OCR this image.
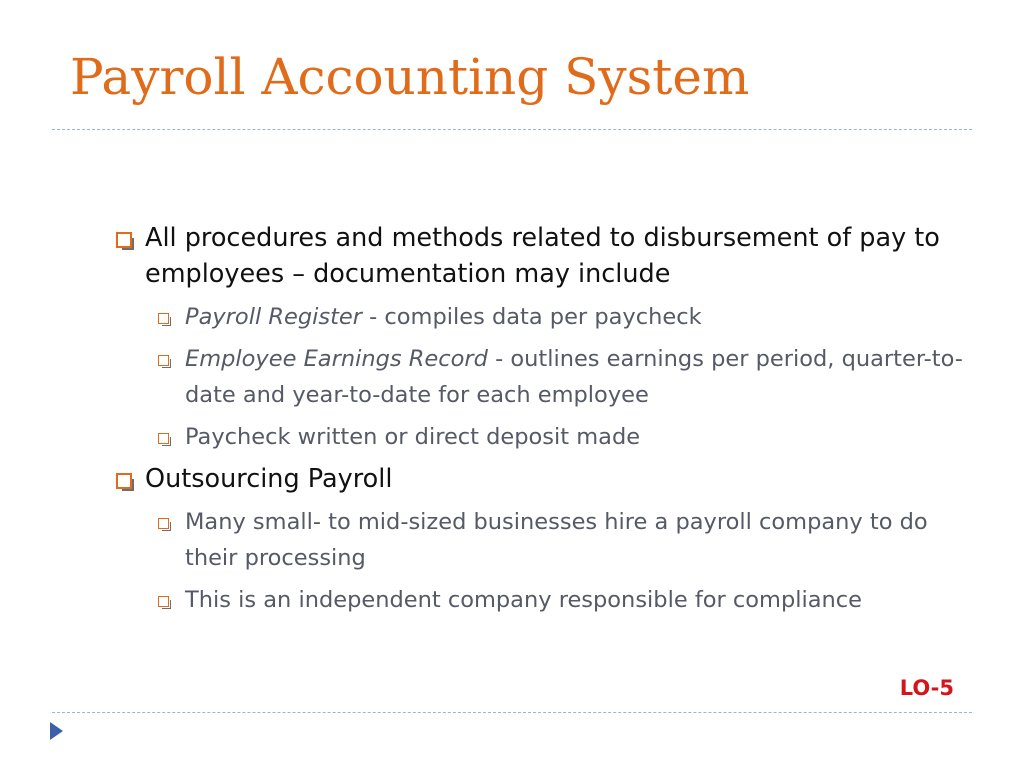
Payroll Accounting System
All procedures and methods related to disbursement of pay to employees – documentation may include
Payroll Register - compiles data per paycheck
Employee Earnings Record - outlines earnings per period, quarter-to-date and year-to-date for each employee
Paycheck written or direct deposit made
Outsourcing Payroll
Many small- to mid-sized businesses hire a payroll company to do their processing
This is an independent company responsible for compliance
LO-5
